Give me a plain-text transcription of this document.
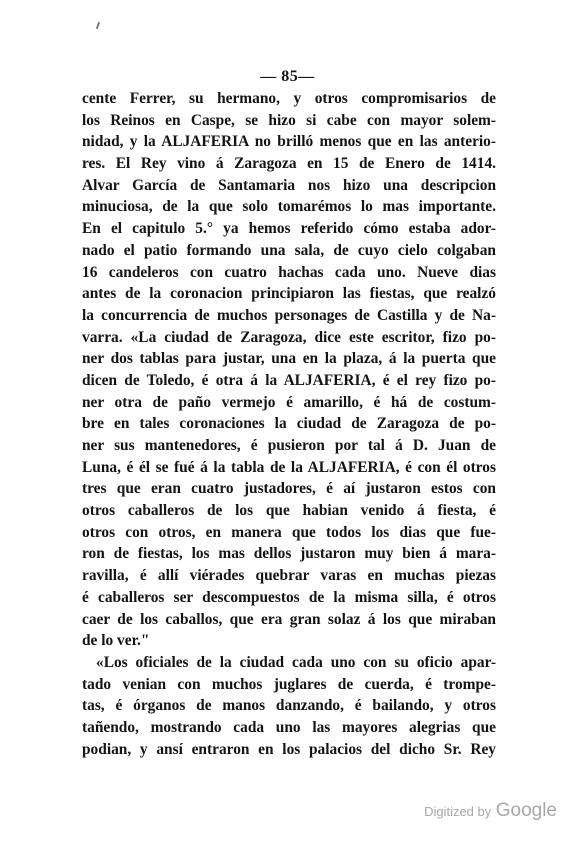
— 85—
cente Ferrer, su hermano, y otros compromisarios de
los Reinos en Caspe, se hizo si cabe con mayor solem-
nidad, y la ALJAFERIA no brilló menos que en las anterio-
res. El Rey vino á Zaragoza en 15 de Enero de 1414.
Alvar García de Santamaria nos hizo una descripcion
minuciosa, de la que solo tomarémos lo mas importante.
En el capitulo 5.° ya hemos referido cómo estaba ador-
nado el patio formando una sala, de cuyo cielo colgaban
16 candeleros con cuatro hachas cada uno. Nueve dias
antes de la coronacion principiaron las fiestas, que realzó
la concurrencia de muchos personages de Castilla y de Na-
varra. «La ciudad de Zaragoza, dice este escritor, fizo po-
ner dos tablas para justar, una en la plaza, á la puerta que
dicen de Toledo, é otra á la ALJAFERIA, é el rey fizo po-
ner otra de paño vermejo é amarillo, é há de costum-
bre en tales coronaciones la ciudad de Zaragoza de po-
ner sus mantenedores, é pusieron por tal á D. Juan de
Luna, é él se fué á la tabla de la ALJAFERIA, é con él otros
tres que eran cuatro justadores, é aí justaron estos con
otros caballeros de los que habian venido á fiesta, é
otros con otros, en manera que todos los dias que fue-
ron de fiestas, los mas dellos justaron muy bien á mara-
ravilla, é allí viérades quebrar varas en muchas piezas
é caballeros ser descompuestos de la misma silla, é otros
caer de los caballos, que era gran solaz á los que miraban
de lo ver."
«Los oficiales de la ciudad cada uno con su oficio apar-
tado venian con muchos juglares de cuerda, é trompe-
tas, é órganos de manos danzando, é bailando, y otros
tañendo, mostrando cada uno las mayores alegrias que
podian, y ansí entraron en los palacios del dicho Sr. Rey
Digitized by Google
